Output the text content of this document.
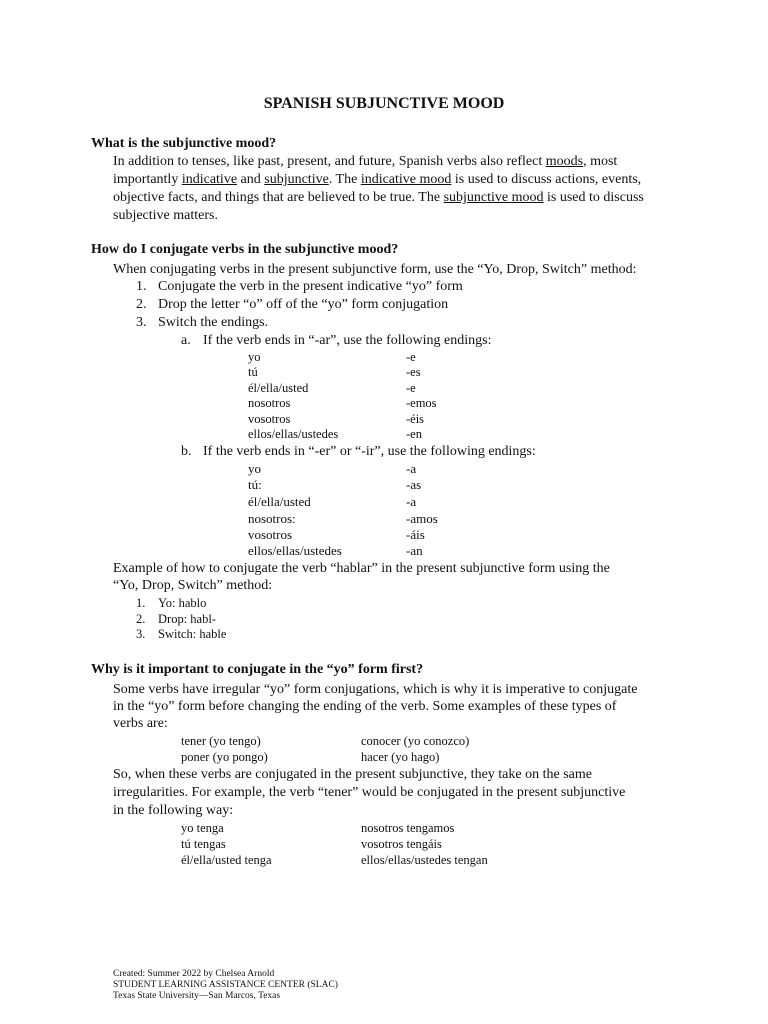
SPANISH SUBJUNCTIVE MOOD
What is the subjunctive mood?

In addition to tenses, like past, present, and future, Spanish verbs also reflect moods, most importantly indicative and subjunctive. The indicative mood is used to discuss actions, events, objective facts, and things that are believed to be true. The subjunctive mood is used to discuss subjective matters.

How do I conjugate verbs in the subjunctive mood?
When conjugating verbs in the present subjunctive form, use the “Yo, Drop, Switch” method:
1. Conjugate the verb in the present indicative “yo” form
2. Drop the letter “o” off of the “yo” form conjugation
3. Switch the endings.
a. If the verb ends in “-ar”, use the following endings:
yo	-e
tú	-es
él/ella/usted	-e
nosotros	-emos
vosotros	-éis
ellos/ellas/ustedes	-en
b. If the verb ends in “-er” or “-ir”, use the following endings:
yo	-a
tú:	-as
él/ella/usted	-a
nosotros:	-amos
vosotros	-áis
ellos/ellas/ustedes	-an
Example of how to conjugate the verb “hablar” in the present subjunctive form using the
“Yo, Drop, Switch” method:
1. Yo: hablo
2. Drop: habl-
3. Switch: hable
Why is it important to conjugate in the “yo” form first?
Some verbs have irregular “yo” form conjugations, which is why it is imperative to conjugate
in the “yo” form before changing the ending of the verb. Some examples of these types of
verbs are:
tener (yo tengo)	conocer (yo conozco)
poner (yo pongo)	hacer (yo hago)
So, when these verbs are conjugated in the present subjunctive, they take on the same
irregularities. For example, the verb “tener” would be conjugated in the present subjunctive
in the following way:
yo tenga	nosotros tengamos
tú tengas	vosotros tengáis
él/ella/usted tenga	ellos/ellas/ustedes tengan
Created: Summer 2022 by Chelsea Arnold
STUDENT LEARNING ASSISTANCE CENTER (SLAC)
Texas State University—San Marcos, Texas
